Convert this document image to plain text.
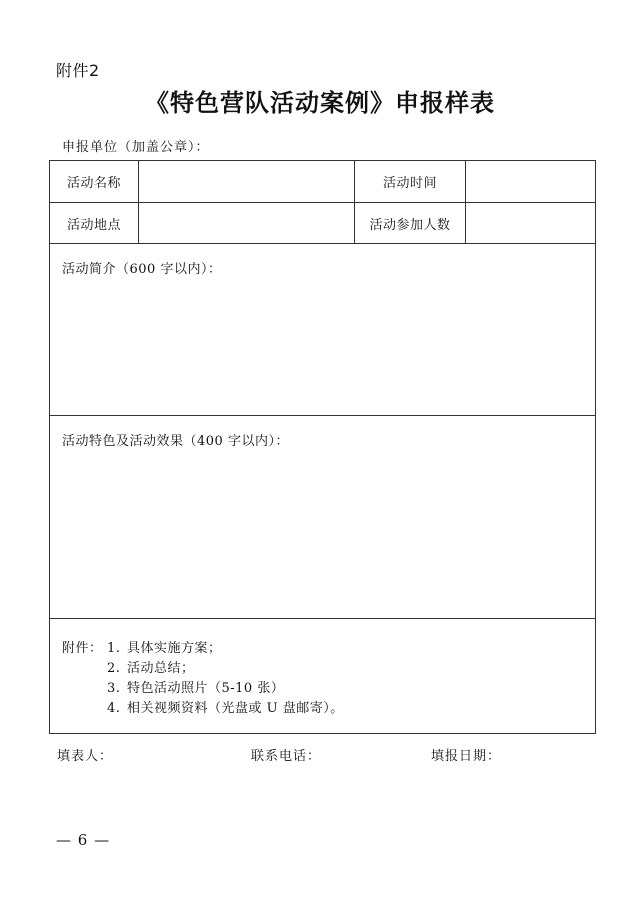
附件2
《特色营队活动案例》申报样表
申报单位（加盖公章）：
活动名称		活动时间	
活动地点		活动参加人数	
活动简介（600 字以内）：			
活动特色及活动效果（400 字以内）：			

附件： 1. 具体实施方案；
2. 活动总结；
3. 特色活动照片（5-10 张）
4. 相关视频资料（光盘或 U 盘邮寄）。			
填表人：	联系电话：	填报日期：
— 6 —
